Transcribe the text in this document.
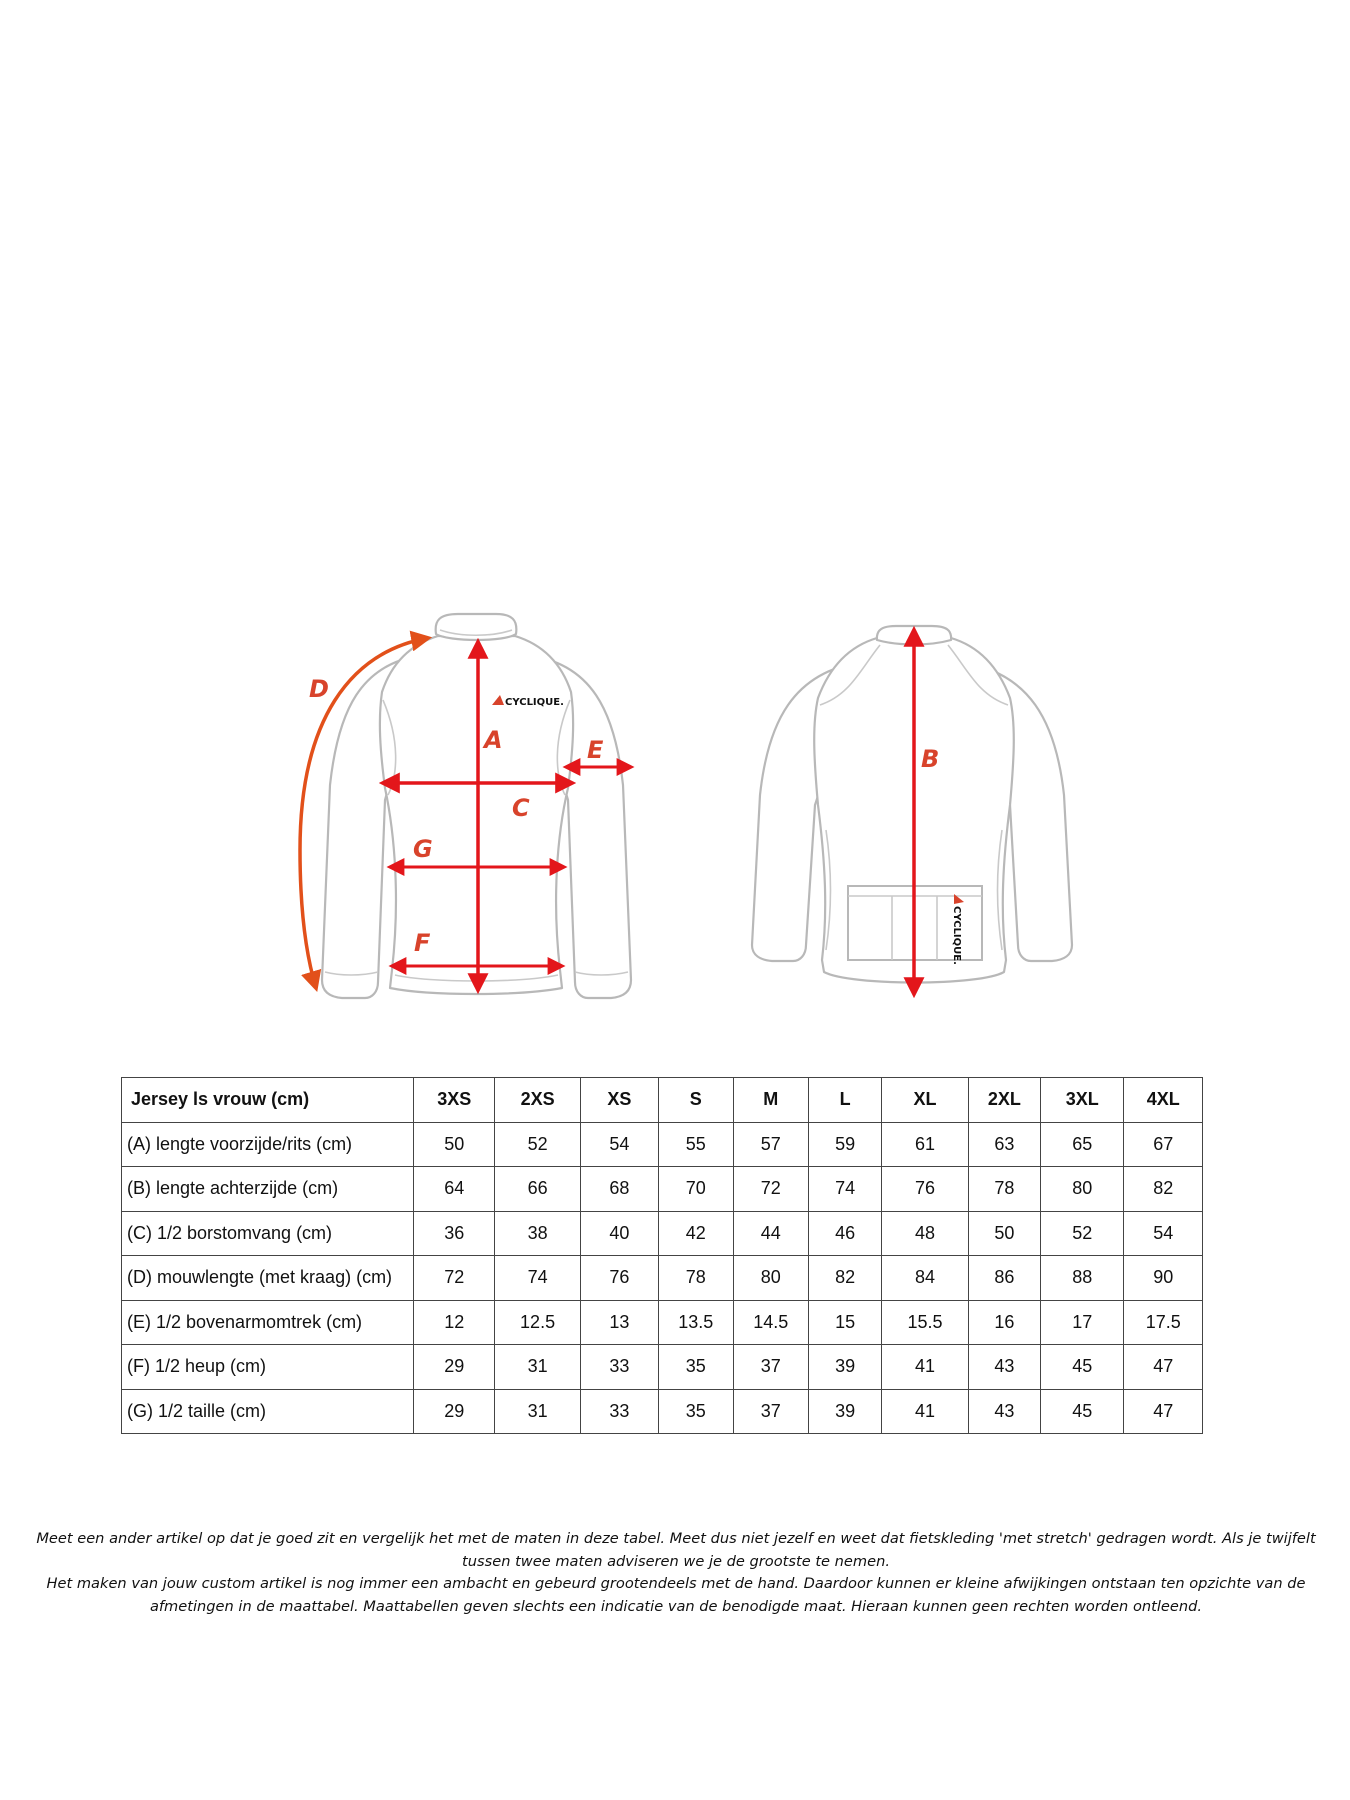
CYCLIQUE.
A
C
E
G
F
D
CYCLIQUE.
B
Jersey ls vrouw (cm)	3XS	2XS	XS	S	M	L	XL	2XL	3XL	4XL
(A) lengte voorzijde/rits (cm)	50	52	54	55	57	59	61	63	65	67
(B) lengte achterzijde (cm)	64	66	68	70	72	74	76	78	80	82
(C) 1/2 borstomvang (cm)	36	38	40	42	44	46	48	50	52	54
(D) mouwlengte (met kraag) (cm)	72	74	76	78	80	82	84	86	88	90
(E) 1/2 bovenarmomtrek (cm)	12	12.5	13	13.5	14.5	15	15.5	16	17	17.5
(F) 1/2 heup (cm)	29	31	33	35	37	39	41	43	45	47
(G) 1/2 taille (cm)	29	31	33	35	37	39	41	43	45	47

Meet een ander artikel op dat je goed zit en vergelijk het met de maten in deze tabel. Meet dus niet jezelf en weet dat fietskleding 'met stretch' gedragen wordt. Als je twijfelt tussen twee maten adviseren we je de grootste te nemen.

Het maken van jouw custom artikel is nog immer een ambacht en gebeurd grootendeels met de hand. Daardoor kunnen er kleine afwijkingen ontstaan ten opzichte van de afmetingen in de maattabel. Maattabellen geven slechts een indicatie van de benodigde maat. Hieraan kunnen geen rechten worden ontleend.
